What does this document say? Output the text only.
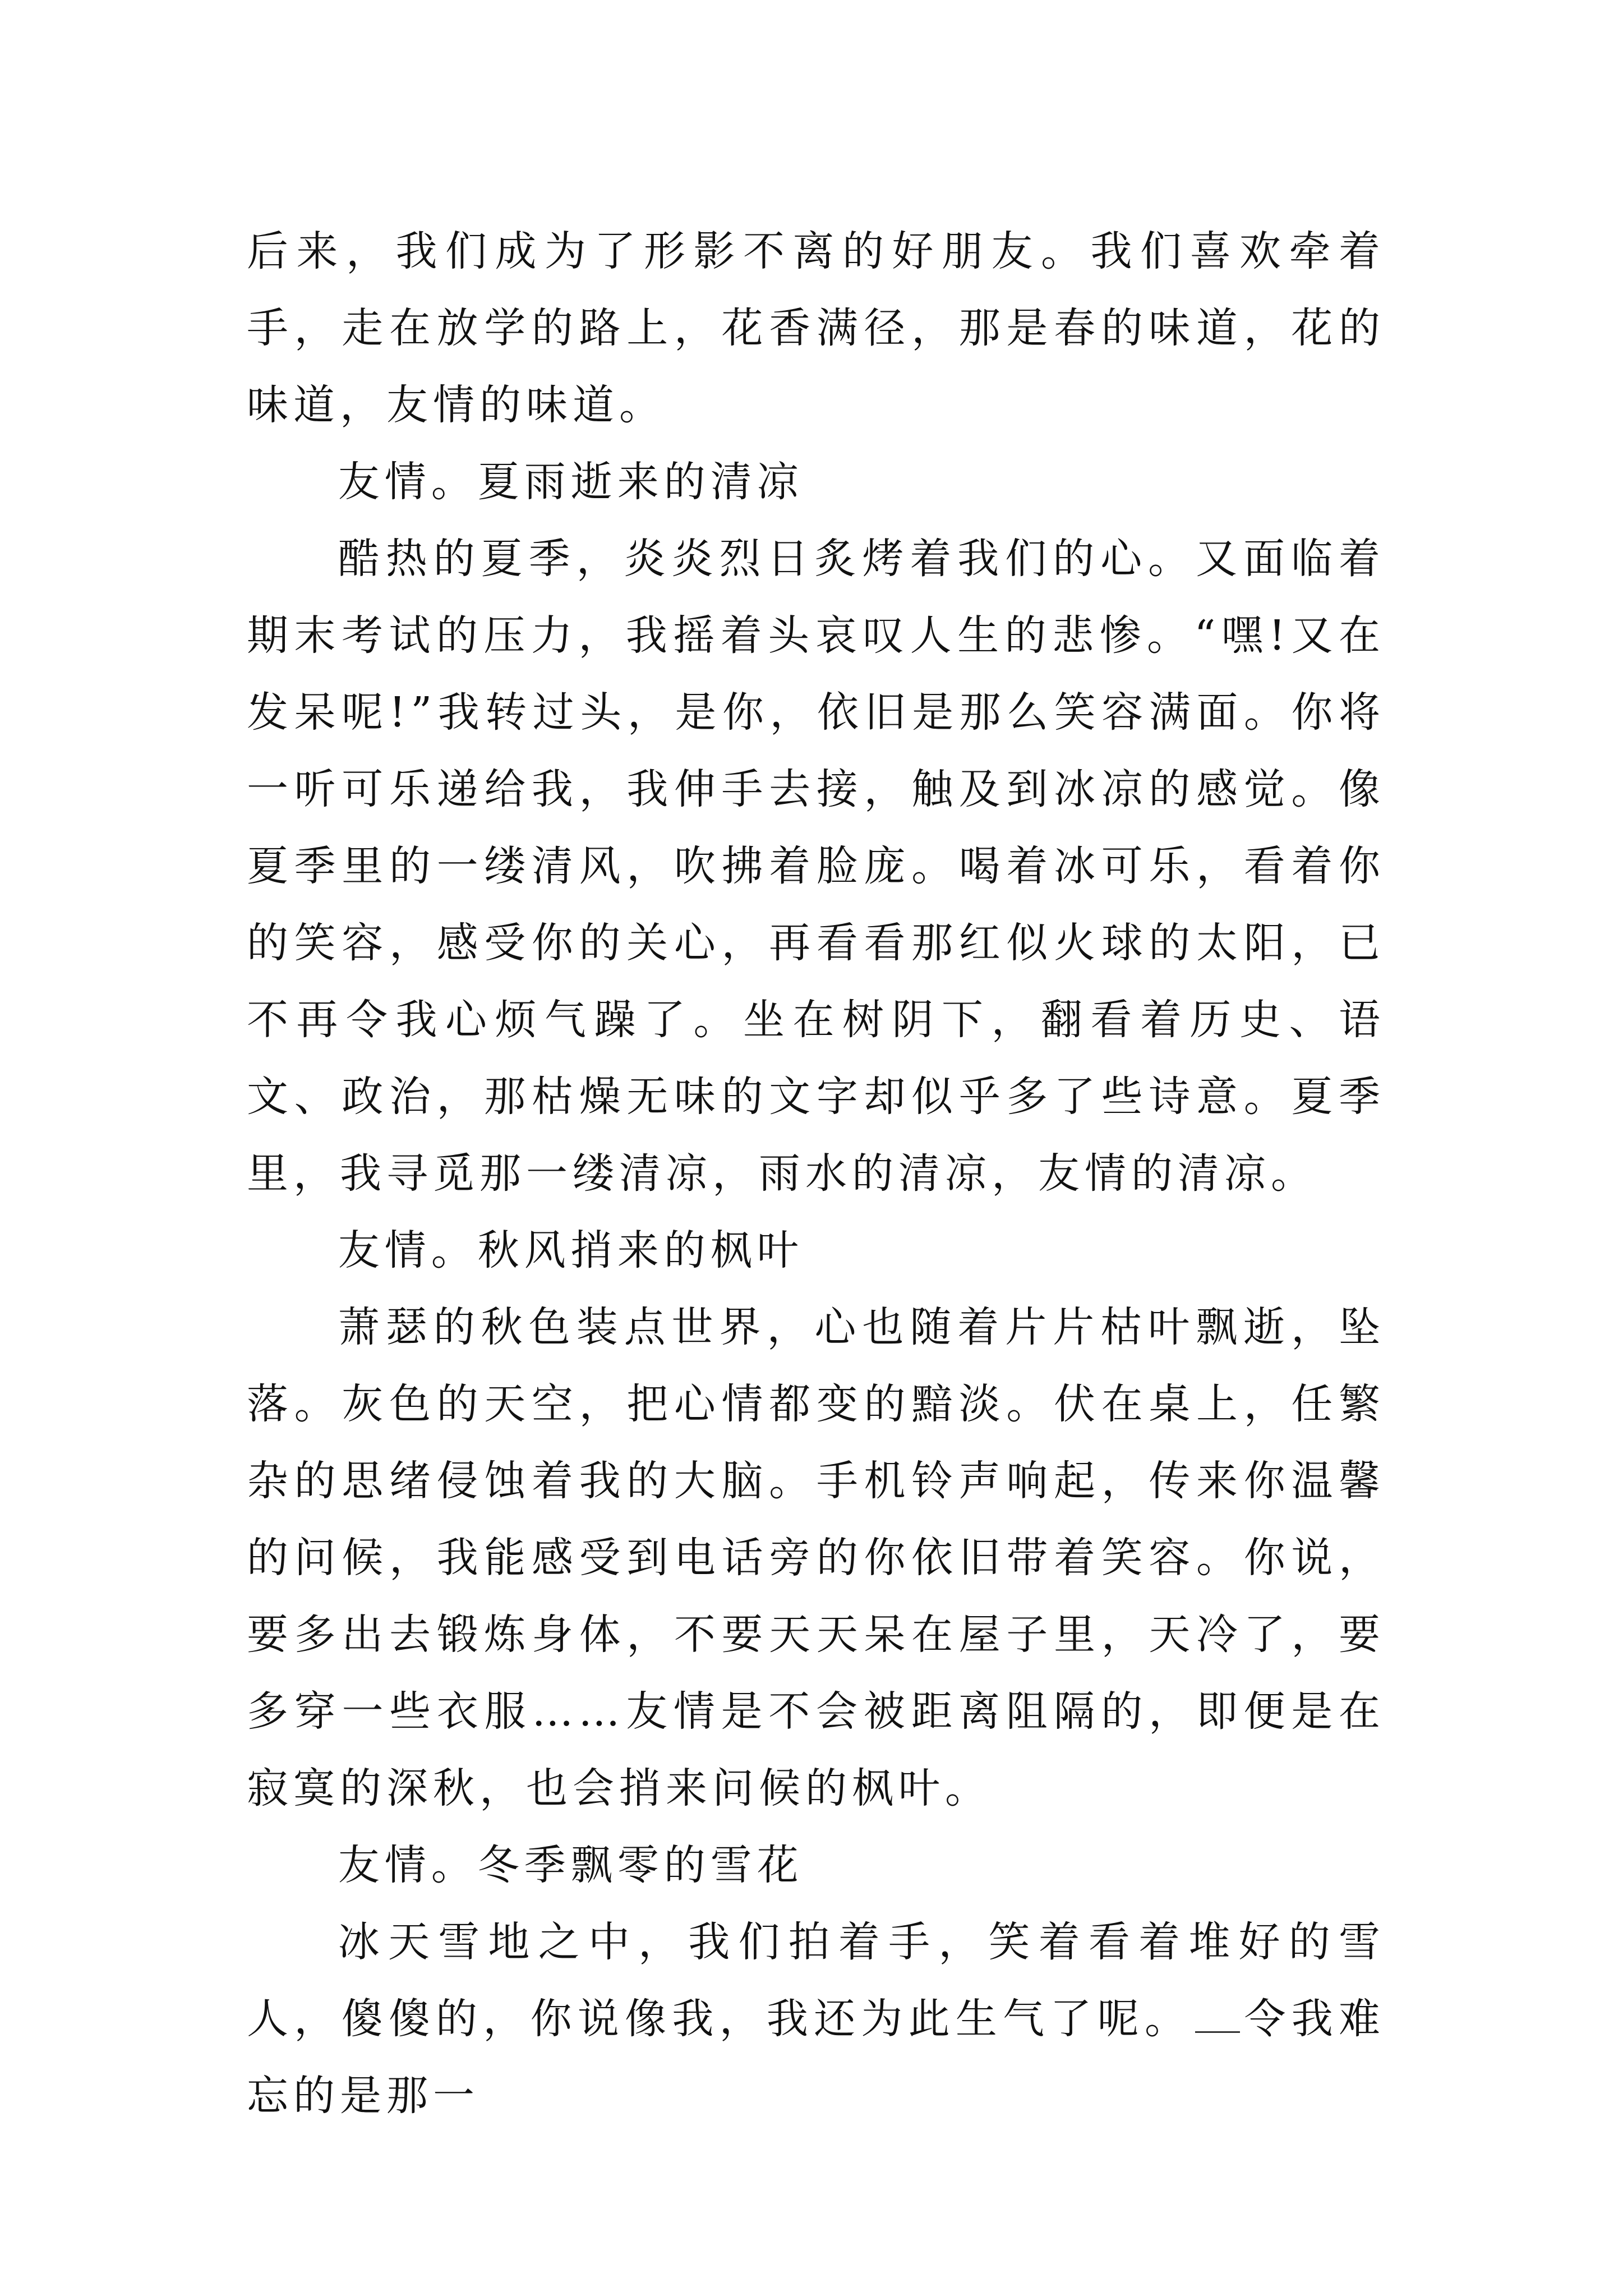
后来，我们成为了形影不离的好朋友。我们喜欢牵着手，走在放学的路上，花香满径，那是春的味道，花的味道，友情的味道。

友情。夏雨逝来的清凉

酷热的夏季，炎炎烈日炙烤着我们的心。又面临着期末考试的压力，我摇着头哀叹人生的悲惨。“嘿!又在发呆呢!”我转过头，是你，依旧是那么笑容满面。你将一听可乐递给我，我伸手去接，触及到冰凉的感觉。像夏季里的一缕清风，吹拂着脸庞。喝着冰可乐，看着你的笑容，感受你的关心，再看看那红似火球的太阳，已不再令我心烦气躁了。坐在树阴下，翻看着历史、语文、政治，那枯燥无味的文字却似乎多了些诗意。夏季里，我寻觅那一缕清凉，雨水的清凉，友情的清凉。

友情。秋风捎来的枫叶

萧瑟的秋色装点世界，心也随着片片枯叶飘逝，坠落。灰色的天空，把心情都变的黯淡。伏在桌上，任繁杂的思绪侵蚀着我的大脑。手机铃声响起，传来你温馨的问候，我能感受到电话旁的你依旧带着笑容。你说，要多出去锻炼身体，不要天天呆在屋子里，天冷了，要多穿一些衣服……友情是不会被距离阻隔的，即便是在寂寞的深秋，也会捎来问候的枫叶。

友情。冬季飘零的雪花

冰天雪地之中，我们拍着手，笑着看着堆好的雪人，傻傻的，你说像我，我还为此生气了呢。 令我难忘的是那一
